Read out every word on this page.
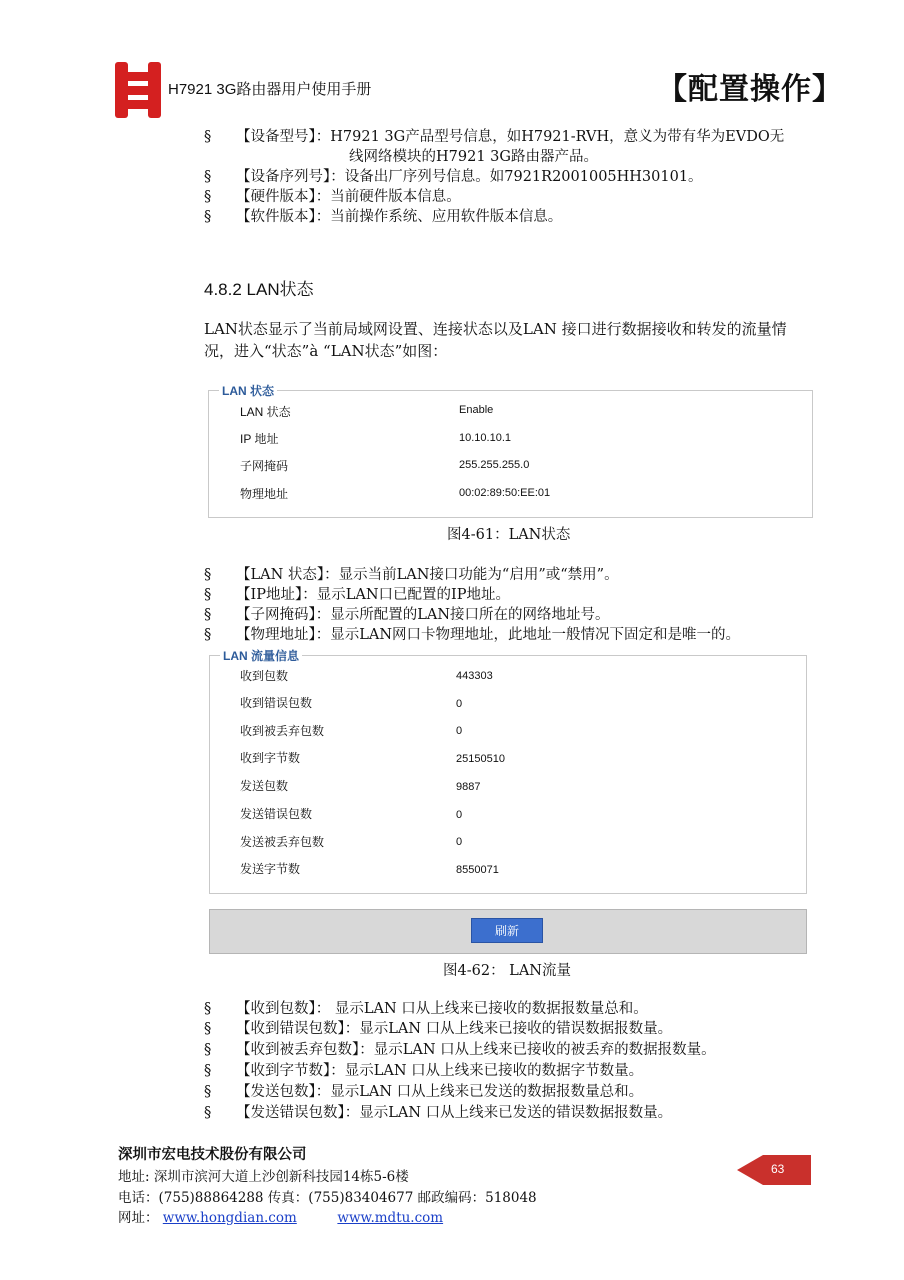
H7921 3G路由器用户使用手册	【配置操作】
§ 【设备型号】：H7921 3G产品型号信息，如H7921-RVH，意义为带有华为EVDO无
线网络模块的H7921 3G路由器产品。
§ 【设备序列号】：设备出厂序列号信息。如7921R2001005HH30101。
§ 【硬件版本】：当前硬件版本信息。
§ 【软件版本】：当前操作系统、应用软件版本信息。
4.8.2 LAN状态
LAN状态显示了当前局域网设置、连接状态以及LAN 接口进行数据接收和转发的流量情
况，进入“状态”à “LAN状态”如图：
LAN 状态
LAN 状态	Enable
IP 地址	10.10.10.1
子网掩码	255.255.255.0
物理地址	00:02:89:50:EE:01
图4-61：LAN状态
§ 【LAN 状态】：显示当前LAN接口功能为“启用”或“禁用”。
§ 【IP地址】：显示LAN口已配置的IP地址。
§ 【子网掩码】：显示所配置的LAN接口所在的网络地址号。
§ 【物理地址】：显示LAN网口卡物理地址，此地址一般情况下固定和是唯一的。
LAN 流量信息
收到包数	443303
收到错误包数	0
收到被丢弃包数	0
收到字节数	25150510
发送包数	9887
发送错误包数	0
发送被丢弃包数	0
发送字节数	8550071
刷新
图4-62： LAN流量
§ 【收到包数】： 显示LAN 口从上线来已接收的数据报数量总和。
§ 【收到错误包数】：显示LAN 口从上线来已接收的错误数据报数量。
§ 【收到被丢弃包数】：显示LAN 口从上线来已接收的被丢弃的数据报数量。
§ 【收到字节数】：显示LAN 口从上线来已接收的数据字节数量。
§ 【发送包数】：显示LAN 口从上线来已发送的数据报数量总和。
§ 【发送错误包数】：显示LAN 口从上线来已发送的错误数据报数量。
深圳市宏电技术股份有限公司
地址: 深圳市滨河大道上沙创新科技园14栋5-6楼
电话：(755)88864288 传真：(755)83404677 邮政编码：518048
网址： www.hongdian.com	www.mdtu.com
63
